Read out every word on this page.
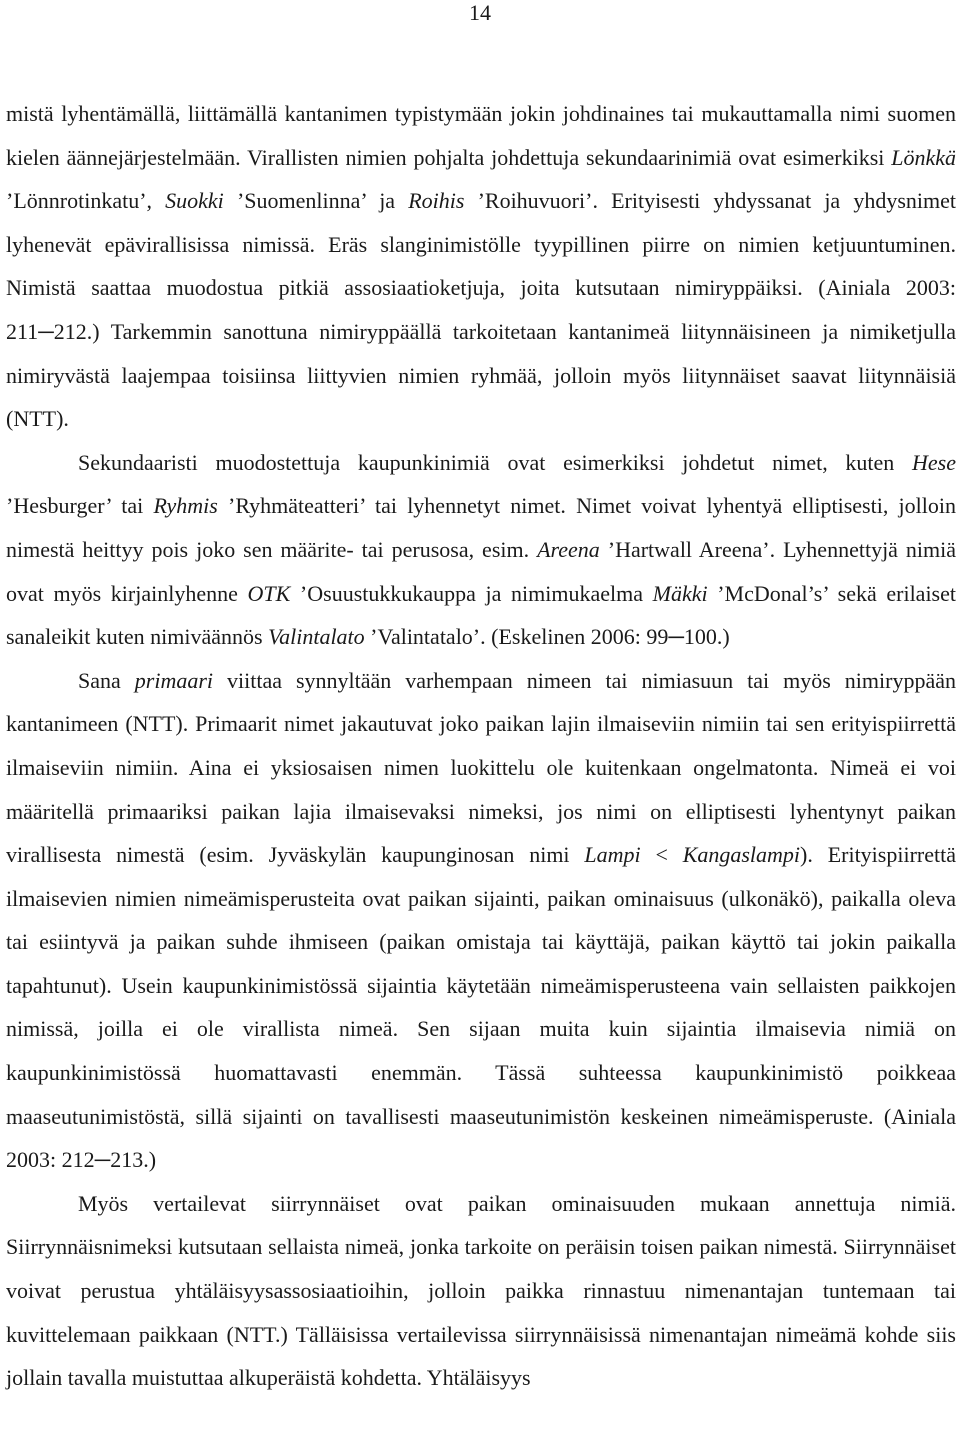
14

mistä lyhentämällä, liittämällä kantanimen typistymään jokin johdinaines tai mukauttamalla nimi suomen kielen äännejärjestelmään. Virallisten nimien pohjalta johdettuja sekundaarinimiä ovat esimerkiksi Lönkkä ’Lönnrotinkatu’, Suokki ’Suomenlinna’ ja Roihis ’Roihuvuori’. Erityisesti yhdyssanat ja yhdysnimet lyhenevät epävirallisissa nimissä. Eräs slanginimistölle tyypillinen piirre on nimien ketjuuntuminen. Nimistä saattaa muodostua pitkiä assosiaatioketjuja, joita kutsutaan nimiryppäiksi. (Ainiala 2003: 211─212.) Tarkemmin sanottuna nimiryppäällä tarkoitetaan kantanimeä liitynnäisineen ja nimiketjulla nimiryvästä laajempaa toisiinsa liittyvien nimien ryhmää, jolloin myös liitynnäiset saavat liitynnäisiä (NTT).

Sekundaaristi muodostettuja kaupunkinimiä ovat esimerkiksi johdetut nimet, kuten Hese ’Hesburger’ tai Ryhmis ’Ryhmäteatteri’ tai lyhennetyt nimet. Nimet voivat lyhentyä elliptisesti, jolloin nimestä heittyy pois joko sen määrite- tai perusosa, esim. Areena ’Hartwall Areena’. Lyhennettyjä nimiä ovat myös kirjainlyhenne OTK ’Osuustukkukauppa ja nimimukaelma Mäkki ’McDonal’s’ sekä erilaiset sanaleikit kuten nimiväännös Valintalato ’Valintatalo’. (Eskelinen 2006: 99─100.)

Sana primaari viittaa synnyltään varhempaan nimeen tai nimiasuun tai myös nimiryppään kantanimeen (NTT). Primaarit nimet jakautuvat joko paikan lajin ilmaiseviin nimiin tai sen erityispiirrettä ilmaiseviin nimiin. Aina ei yksiosaisen nimen luokittelu ole kuitenkaan ongelmatonta. Nimeä ei voi määritellä primaariksi paikan lajia ilmaisevaksi nimeksi, jos nimi on elliptisesti lyhentynyt paikan virallisesta nimestä (esim. Jyväskylän kaupunginosan nimi Lampi < Kangaslampi). Erityispiirrettä ilmaisevien nimien nimeämisperusteita ovat paikan sijainti, paikan ominaisuus (ulkonäkö), paikalla oleva tai esiintyvä ja paikan suhde ihmiseen (paikan omistaja tai käyttäjä, paikan käyttö tai jokin paikalla tapahtunut). Usein kaupunkinimistössä sijaintia käytetään nimeämisperusteena vain sellaisten paikkojen nimissä, joilla ei ole virallista nimeä. Sen sijaan muita kuin sijaintia ilmaisevia nimiä on kaupunkinimistössä huomattavasti enemmän. Tässä suhteessa kaupunkinimistö poikkeaa maaseutunimistöstä, sillä sijainti on tavallisesti maaseutunimistön keskeinen nimeämisperuste. (Ainiala 2003: 212─213.)

Myös vertailevat siirrynnäiset ovat paikan ominaisuuden mukaan annettuja nimiä. Siirrynnäisnimeksi kutsutaan sellaista nimeä, jonka tarkoite on peräisin toisen paikan nimestä. Siirrynnäiset voivat perustua yhtäläisyysassosiaatioihin, jolloin paikka rinnastuu nimenantajan tuntemaan tai kuvittelemaan paikkaan (NTT.) Tälläisissa vertailevissa siirrynnäisissä nimenantajan nimeämä kohde siis jollain tavalla muistuttaa alkuperäistä kohdetta. Yhtäläisyys
